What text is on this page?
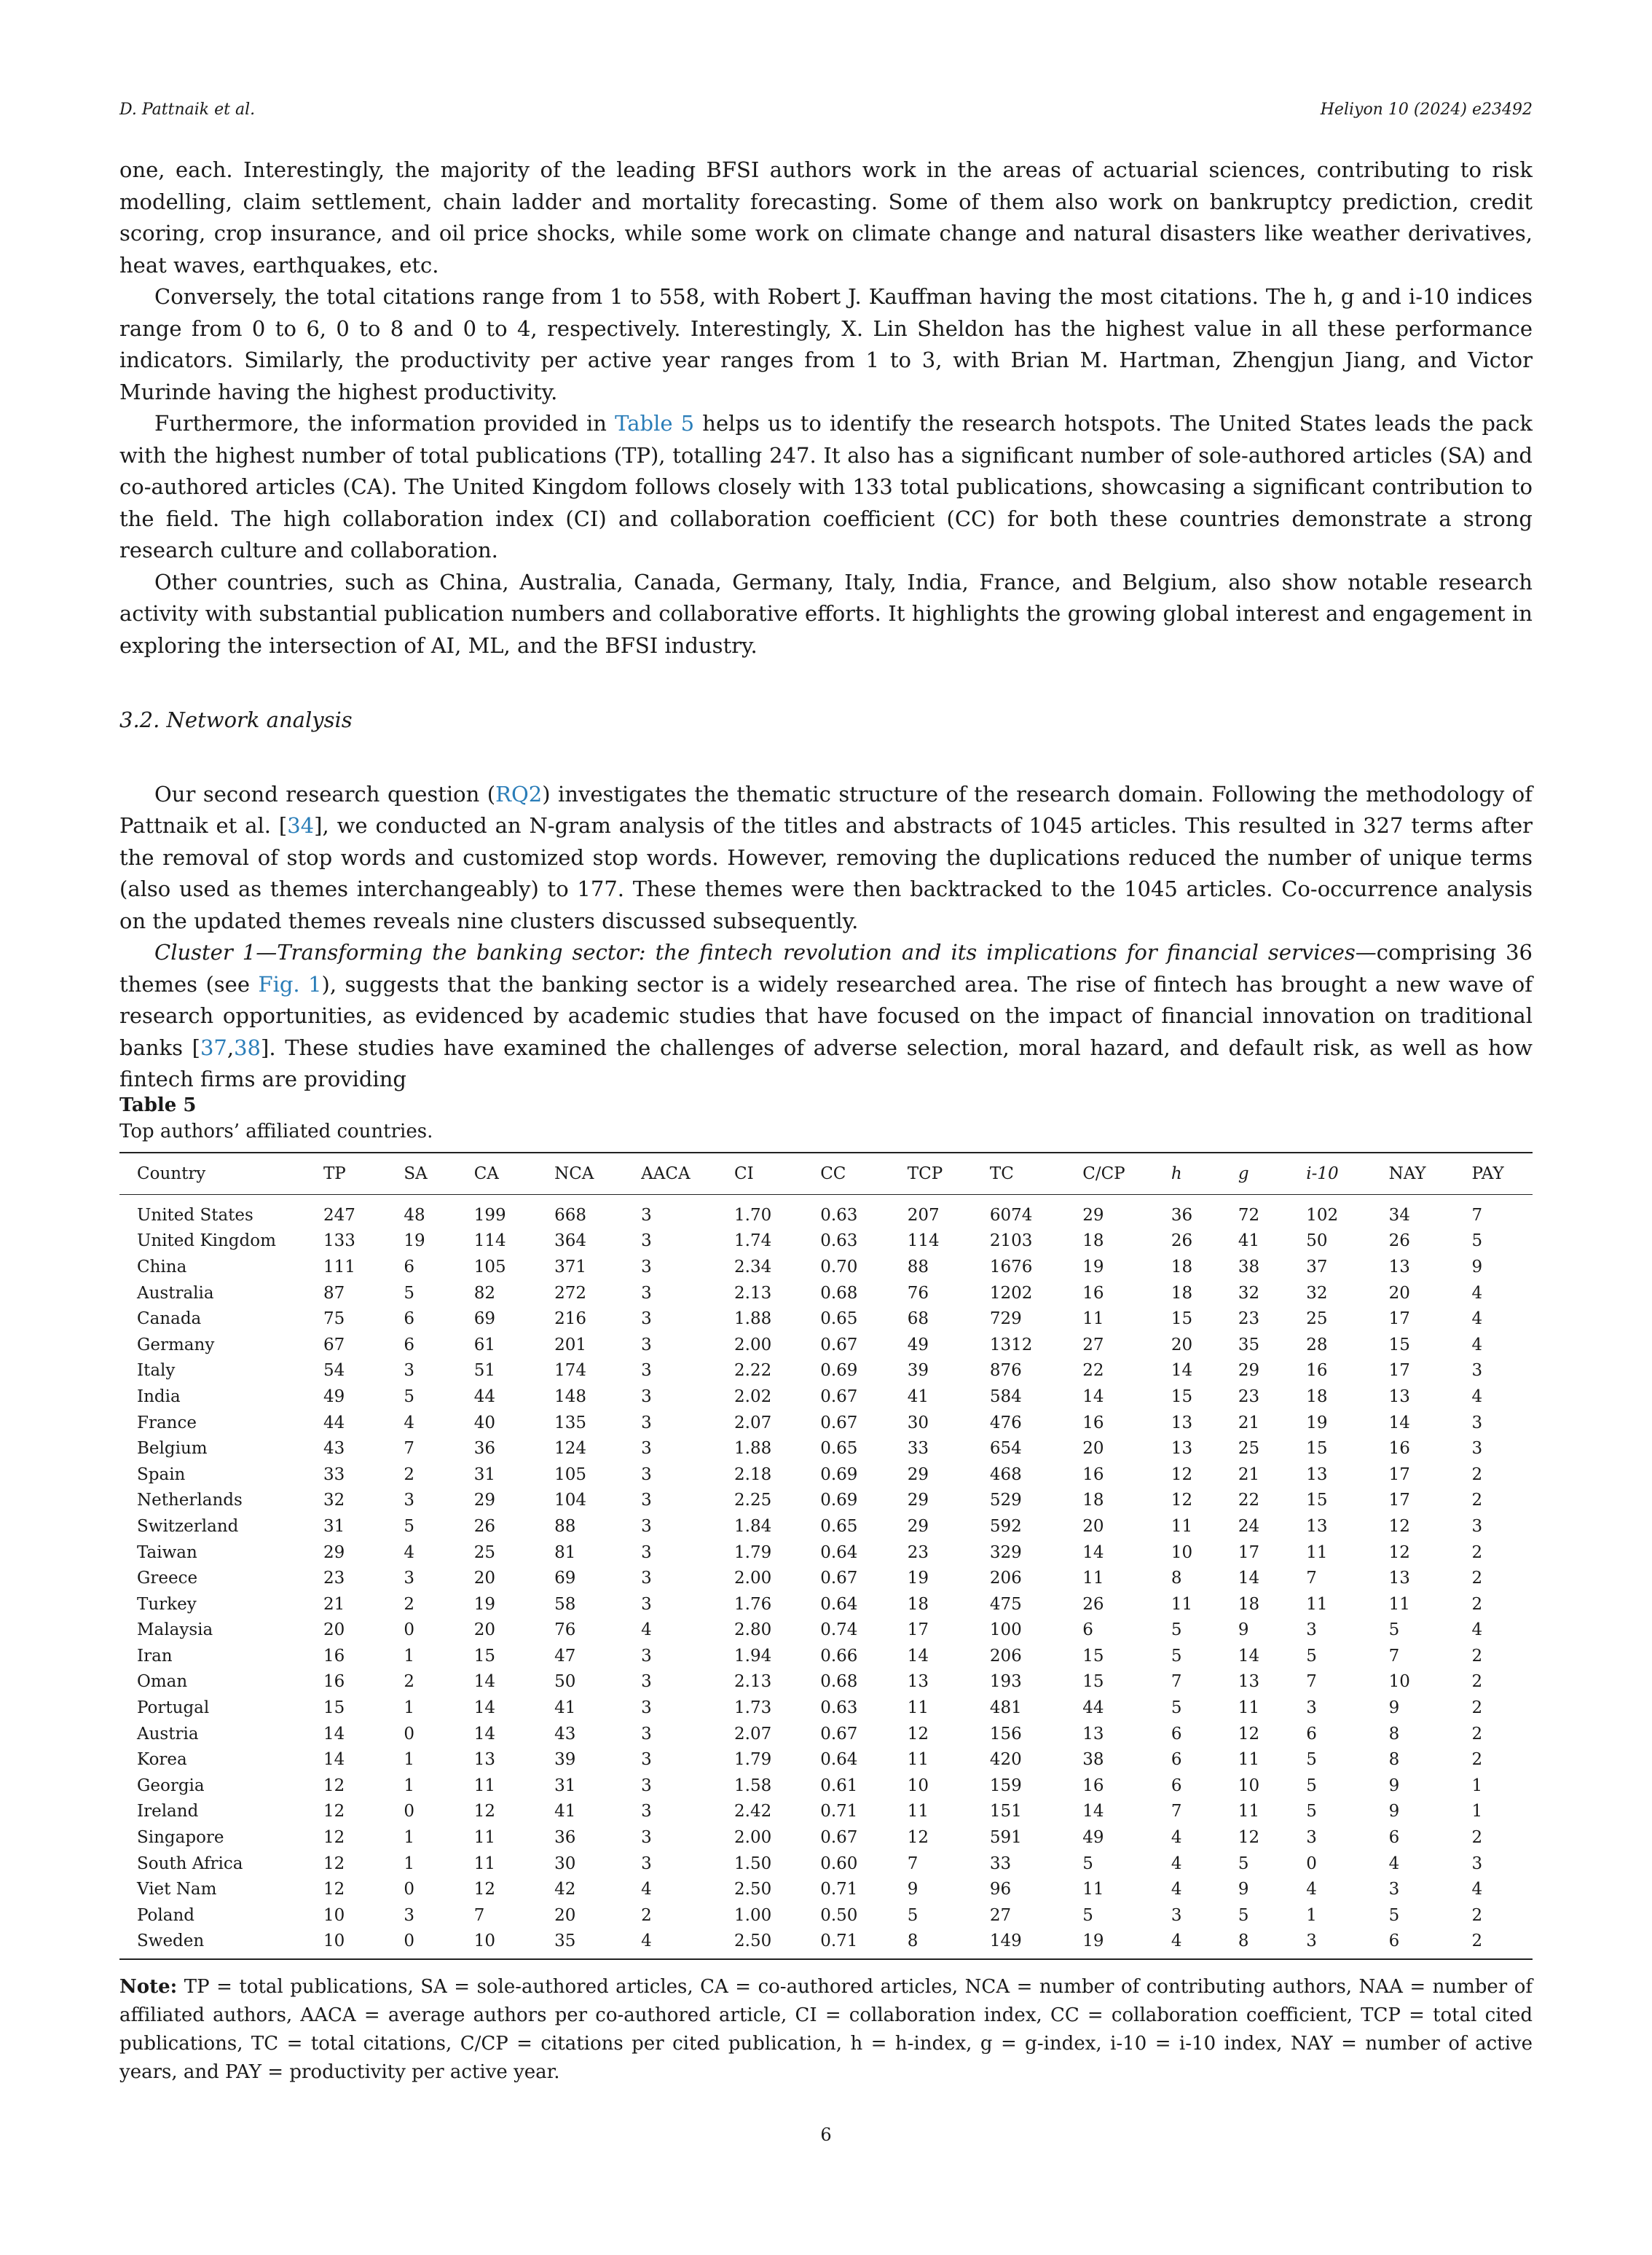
D. Pattnaik et al.	Heliyon 10 (2024) e23492

one, each. Interestingly, the majority of the leading BFSI authors work in the areas of actuarial sciences, contributing to risk modelling, claim settlement, chain ladder and mortality forecasting. Some of them also work on bankruptcy prediction, credit scoring, crop insurance, and oil price shocks, while some work on climate change and natural disasters like weather derivatives, heat waves, earthquakes, etc.

Conversely, the total citations range from 1 to 558, with Robert J. Kauffman having the most citations. The h, g and i-10 indices range from 0 to 6, 0 to 8 and 0 to 4, respectively. Interestingly, X. Lin Sheldon has the highest value in all these performance indicators. Similarly, the productivity per active year ranges from 1 to 3, with Brian M. Hartman, Zhengjun Jiang, and Victor Murinde having the highest productivity.

Furthermore, the information provided in Table 5 helps us to identify the research hotspots. The United States leads the pack with the highest number of total publications (TP), totalling 247. It also has a significant number of sole-authored articles (SA) and co-authored articles (CA). The United Kingdom follows closely with 133 total publications, showcasing a significant contribution to the field. The high collaboration index (CI) and collaboration coefficient (CC) for both these countries demonstrate a strong research culture and collaboration.

Other countries, such as China, Australia, Canada, Germany, Italy, India, France, and Belgium, also show notable research activity with substantial publication numbers and collaborative efforts. It highlights the growing global interest and engagement in exploring the intersection of AI, ML, and the BFSI industry.

3.2. Network analysis

Our second research question (RQ2) investigates the thematic structure of the research domain. Following the methodology of Pattnaik et al. [34], we conducted an N-gram analysis of the titles and abstracts of 1045 articles. This resulted in 327 terms after the removal of stop words and customized stop words. However, removing the duplications reduced the number of unique terms (also used as themes interchangeably) to 177. These themes were then backtracked to the 1045 articles. Co-occurrence analysis on the updated themes reveals nine clusters discussed subsequently.

Cluster 1—Transforming the banking sector: the fintech revolution and its implications for financial services—comprising 36 themes (see Fig. 1), suggests that the banking sector is a widely researched area. The rise of fintech has brought a new wave of research opportunities, as evidenced by academic studies that have focused on the impact of financial innovation on traditional banks [37,38]. These studies have examined the challenges of adverse selection, moral hazard, and default risk, as well as how fintech firms are providing

Table 5
Top authors’ affiliated countries.
Country	TP	SA	CA	NCA	AACA	CI	CC	TCP	TC	C/CP	h	g	i-10	NAY	PAY
United States	247	48	199	668	3	1.70	0.63	207	6074	29	36	72	102	34	7
United Kingdom	133	19	114	364	3	1.74	0.63	114	2103	18	26	41	50	26	5
China	111	6	105	371	3	2.34	0.70	88	1676	19	18	38	37	13	9
Australia	87	5	82	272	3	2.13	0.68	76	1202	16	18	32	32	20	4
Canada	75	6	69	216	3	1.88	0.65	68	729	11	15	23	25	17	4
Germany	67	6	61	201	3	2.00	0.67	49	1312	27	20	35	28	15	4
Italy	54	3	51	174	3	2.22	0.69	39	876	22	14	29	16	17	3
India	49	5	44	148	3	2.02	0.67	41	584	14	15	23	18	13	4
France	44	4	40	135	3	2.07	0.67	30	476	16	13	21	19	14	3
Belgium	43	7	36	124	3	1.88	0.65	33	654	20	13	25	15	16	3
Spain	33	2	31	105	3	2.18	0.69	29	468	16	12	21	13	17	2
Netherlands	32	3	29	104	3	2.25	0.69	29	529	18	12	22	15	17	2
Switzerland	31	5	26	88	3	1.84	0.65	29	592	20	11	24	13	12	3
Taiwan	29	4	25	81	3	1.79	0.64	23	329	14	10	17	11	12	2
Greece	23	3	20	69	3	2.00	0.67	19	206	11	8	14	7	13	2
Turkey	21	2	19	58	3	1.76	0.64	18	475	26	11	18	11	11	2
Malaysia	20	0	20	76	4	2.80	0.74	17	100	6	5	9	3	5	4
Iran	16	1	15	47	3	1.94	0.66	14	206	15	5	14	5	7	2
Oman	16	2	14	50	3	2.13	0.68	13	193	15	7	13	7	10	2
Portugal	15	1	14	41	3	1.73	0.63	11	481	44	5	11	3	9	2
Austria	14	0	14	43	3	2.07	0.67	12	156	13	6	12	6	8	2
Korea	14	1	13	39	3	1.79	0.64	11	420	38	6	11	5	8	2
Georgia	12	1	11	31	3	1.58	0.61	10	159	16	6	10	5	9	1
Ireland	12	0	12	41	3	2.42	0.71	11	151	14	7	11	5	9	1
Singapore	12	1	11	36	3	2.00	0.67	12	591	49	4	12	3	6	2
South Africa	12	1	11	30	3	1.50	0.60	7	33	5	4	5	0	4	3
Viet Nam	12	0	12	42	4	2.50	0.71	9	96	11	4	9	4	3	4
Poland	10	3	7	20	2	1.00	0.50	5	27	5	3	5	1	5	2
Sweden	10	0	10	35	4	2.50	0.71	8	149	19	4	8	3	6	2
Note: TP = total publications, SA = sole-authored articles, CA = co-authored articles, NCA = number of contributing authors, NAA = number of affiliated authors, AACA = average authors per co-authored article, CI = collaboration index, CC = collaboration coefficient, TCP = total cited publications, TC = total citations, C/CP = citations per cited publication, h = h-index, g = g-index, i-10 = i-10 index, NAY = number of active years, and PAY = productivity per active year.
6
